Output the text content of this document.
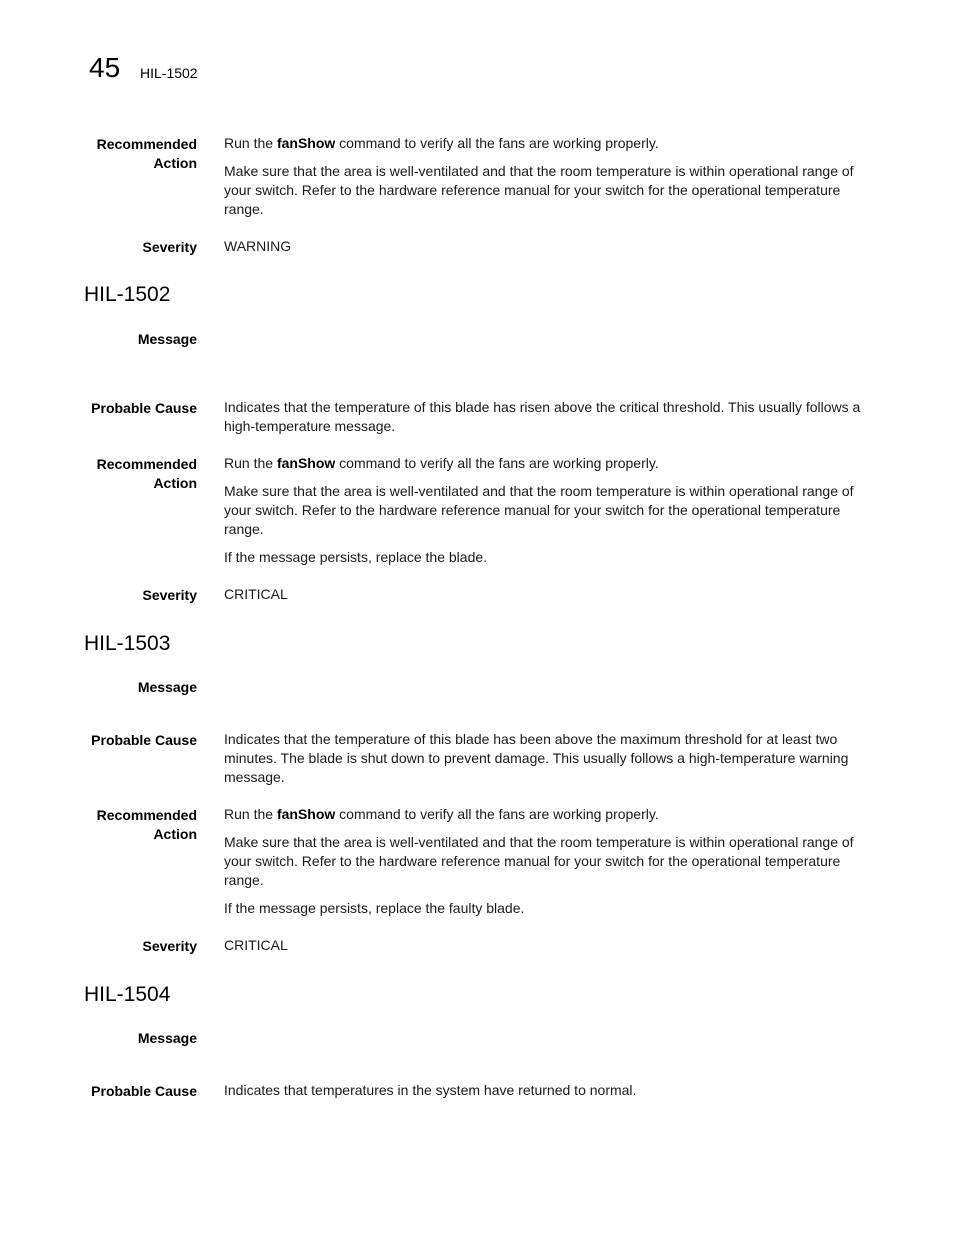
45 HIL-1502
Recommended
Action

Run the fanShow command to verify all the fans are working properly.

Make sure that the area is well-ventilated and that the room temperature is within operational range of your switch. Refer to the hardware reference manual for your switch for the operational temperature range.

Severity WARNING
HIL-1502
Message
Probable Cause Indicates that the temperature of this blade has risen above the critical threshold. This usually follows a high-temperature message.
Recommended
Action

Run the fanShow command to verify all the fans are working properly.

Make sure that the area is well-ventilated and that the room temperature is within operational range of your switch. Refer to the hardware reference manual for your switch for the operational temperature range.

If the message persists, replace the blade.

Severity CRITICAL
HIL-1503
Message
Probable Cause Indicates that the temperature of this blade has been above the maximum threshold for at least two minutes. The blade is shut down to prevent damage. This usually follows a high-temperature warning message.
Recommended
Action

Run the fanShow command to verify all the fans are working properly.

Make sure that the area is well-ventilated and that the room temperature is within operational range of your switch. Refer to the hardware reference manual for your switch for the operational temperature range.

If the message persists, replace the faulty blade.

Severity CRITICAL
HIL-1504
Message
Probable Cause Indicates that temperatures in the system have returned to normal.
